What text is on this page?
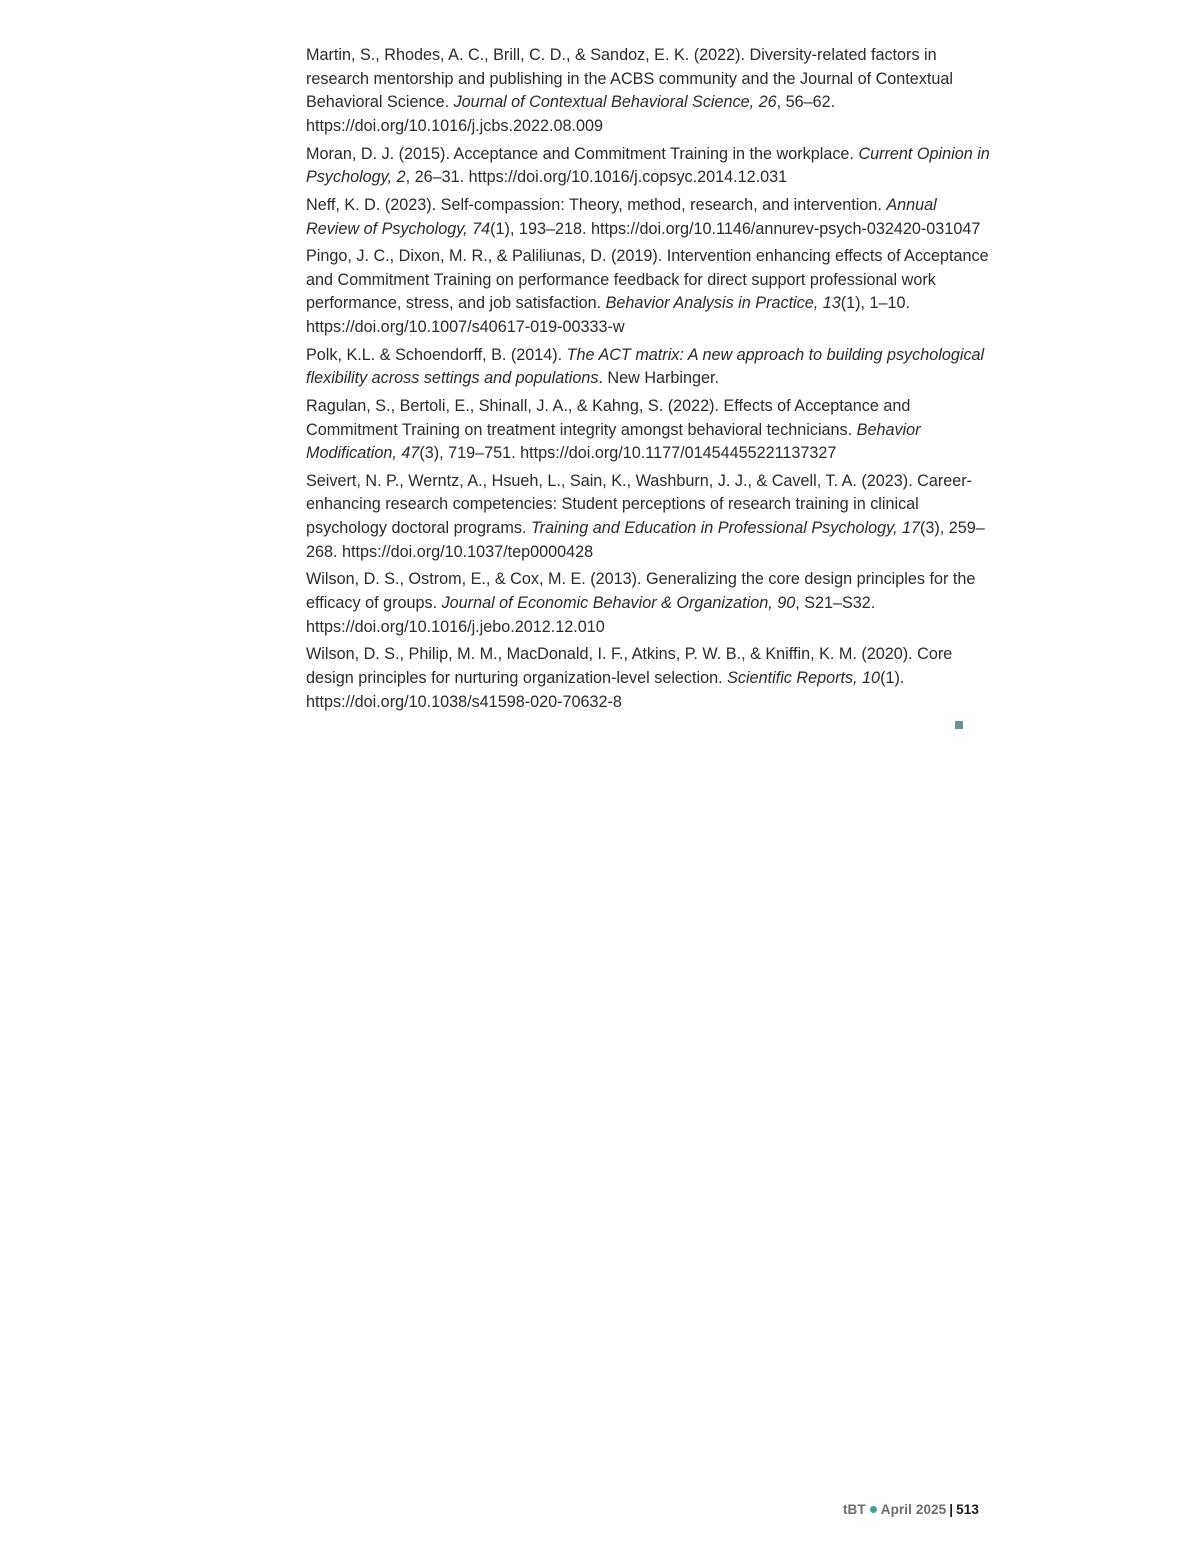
Martin, S., Rhodes, A. C., Brill, C. D., & Sandoz, E. K. (2022). Diversity-related factors in research mentorship and publishing in the ACBS community and the Journal of Contextual Behavioral Science. Journal of Contextual Behavioral Science, 26, 56–62. https://doi.org/10.1016/j.jcbs.2022.08.009

Moran, D. J. (2015). Acceptance and Commitment Training in the workplace. Current Opinion in Psychology, 2, 26–31. https://doi.org/10.1016/j.copsyc.2014.12.031

Neff, K. D. (2023). Self-compassion: Theory, method, research, and intervention. Annual Review of Psychology, 74(1), 193–218. https://doi.org/10.1146/annurev-psych-032420-031047

Pingo, J. C., Dixon, M. R., & Paliliunas, D. (2019). Intervention enhancing effects of Acceptance and Commitment Training on performance feedback for direct support professional work performance, stress, and job satisfaction. Behavior Analysis in Practice, 13(1), 1–10. https://doi.org/10.1007/s40617-019-00333-w

Polk, K.L. & Schoendorff, B. (2014). The ACT matrix: A new approach to building psychological flexibility across settings and populations. New Harbinger.

Ragulan, S., Bertoli, E., Shinall, J. A., & Kahng, S. (2022). Effects of Acceptance and Commitment Training on treatment integrity amongst behavioral technicians. Behavior Modification, 47(3), 719–751. https://doi.org/10.1177/01454455221137327

Seivert, N. P., Werntz, A., Hsueh, L., Sain, K., Washburn, J. J., & Cavell, T. A. (2023). Career-enhancing research competencies: Student perceptions of research training in clinical psychology doctoral programs. Training and Education in Professional Psychology, 17(3), 259–268. https://doi.org/10.1037/tep0000428

Wilson, D. S., Ostrom, E., & Cox, M. E. (2013). Generalizing the core design principles for the efficacy of groups. Journal of Economic Behavior & Organization, 90, S21–S32. https://doi.org/10.1016/j.jebo.2012.12.010

Wilson, D. S., Philip, M. M., MacDonald, I. F., Atkins, P. W. B., & Kniffin, K. M. (2020). Core design principles for nurturing organization-level selection. Scientific Reports, 10(1). https://doi.org/10.1038/s41598-020-70632-8

tBT April 2025 | 513
